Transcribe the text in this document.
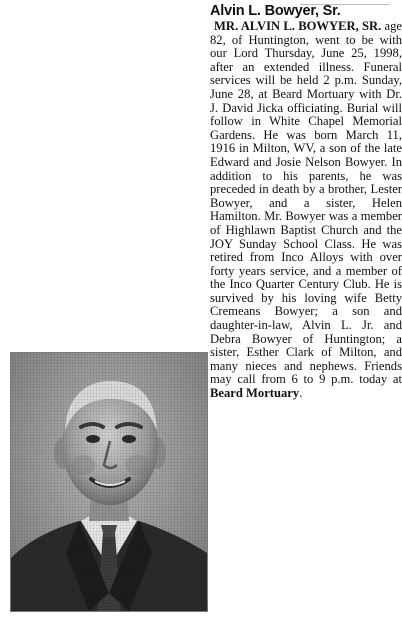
Alvin L. Bowyer, Sr.

MR. ALVIN L. BOWYER, SR. age 82, of Huntington, went to be with our Lord Thursday, June 25, 1998, after an extended illness. Funeral services will be held 2 p.m. Sunday, June 28, at Beard Mortuary with Dr. J. David Jicka officiating. Burial will follow in White Chapel Memorial Gardens. He was born March 11, 1916 in Milton, WV, a son of the late Edward and Josie Nelson Bowyer. In addition to his parents, he was preceded in death by a brother, Lester Bowyer, and a sister, Helen Hamilton. Mr. Bowyer was a member of Highlawn Baptist Church and the JOY Sunday School Class. He was retired from Inco Alloys with over forty years service, and a member of the Inco Quarter Century Club. He is survived by his loving wife Betty Cremeans Bowyer; a son and daughter-in-law, Alvin L. Jr. and Debra Bowyer of Huntington; a sister, Esther Clark of Milton, and many nieces and nephews. Friends may call from 6 to 9 p.m. today at Beard Mortuary.
